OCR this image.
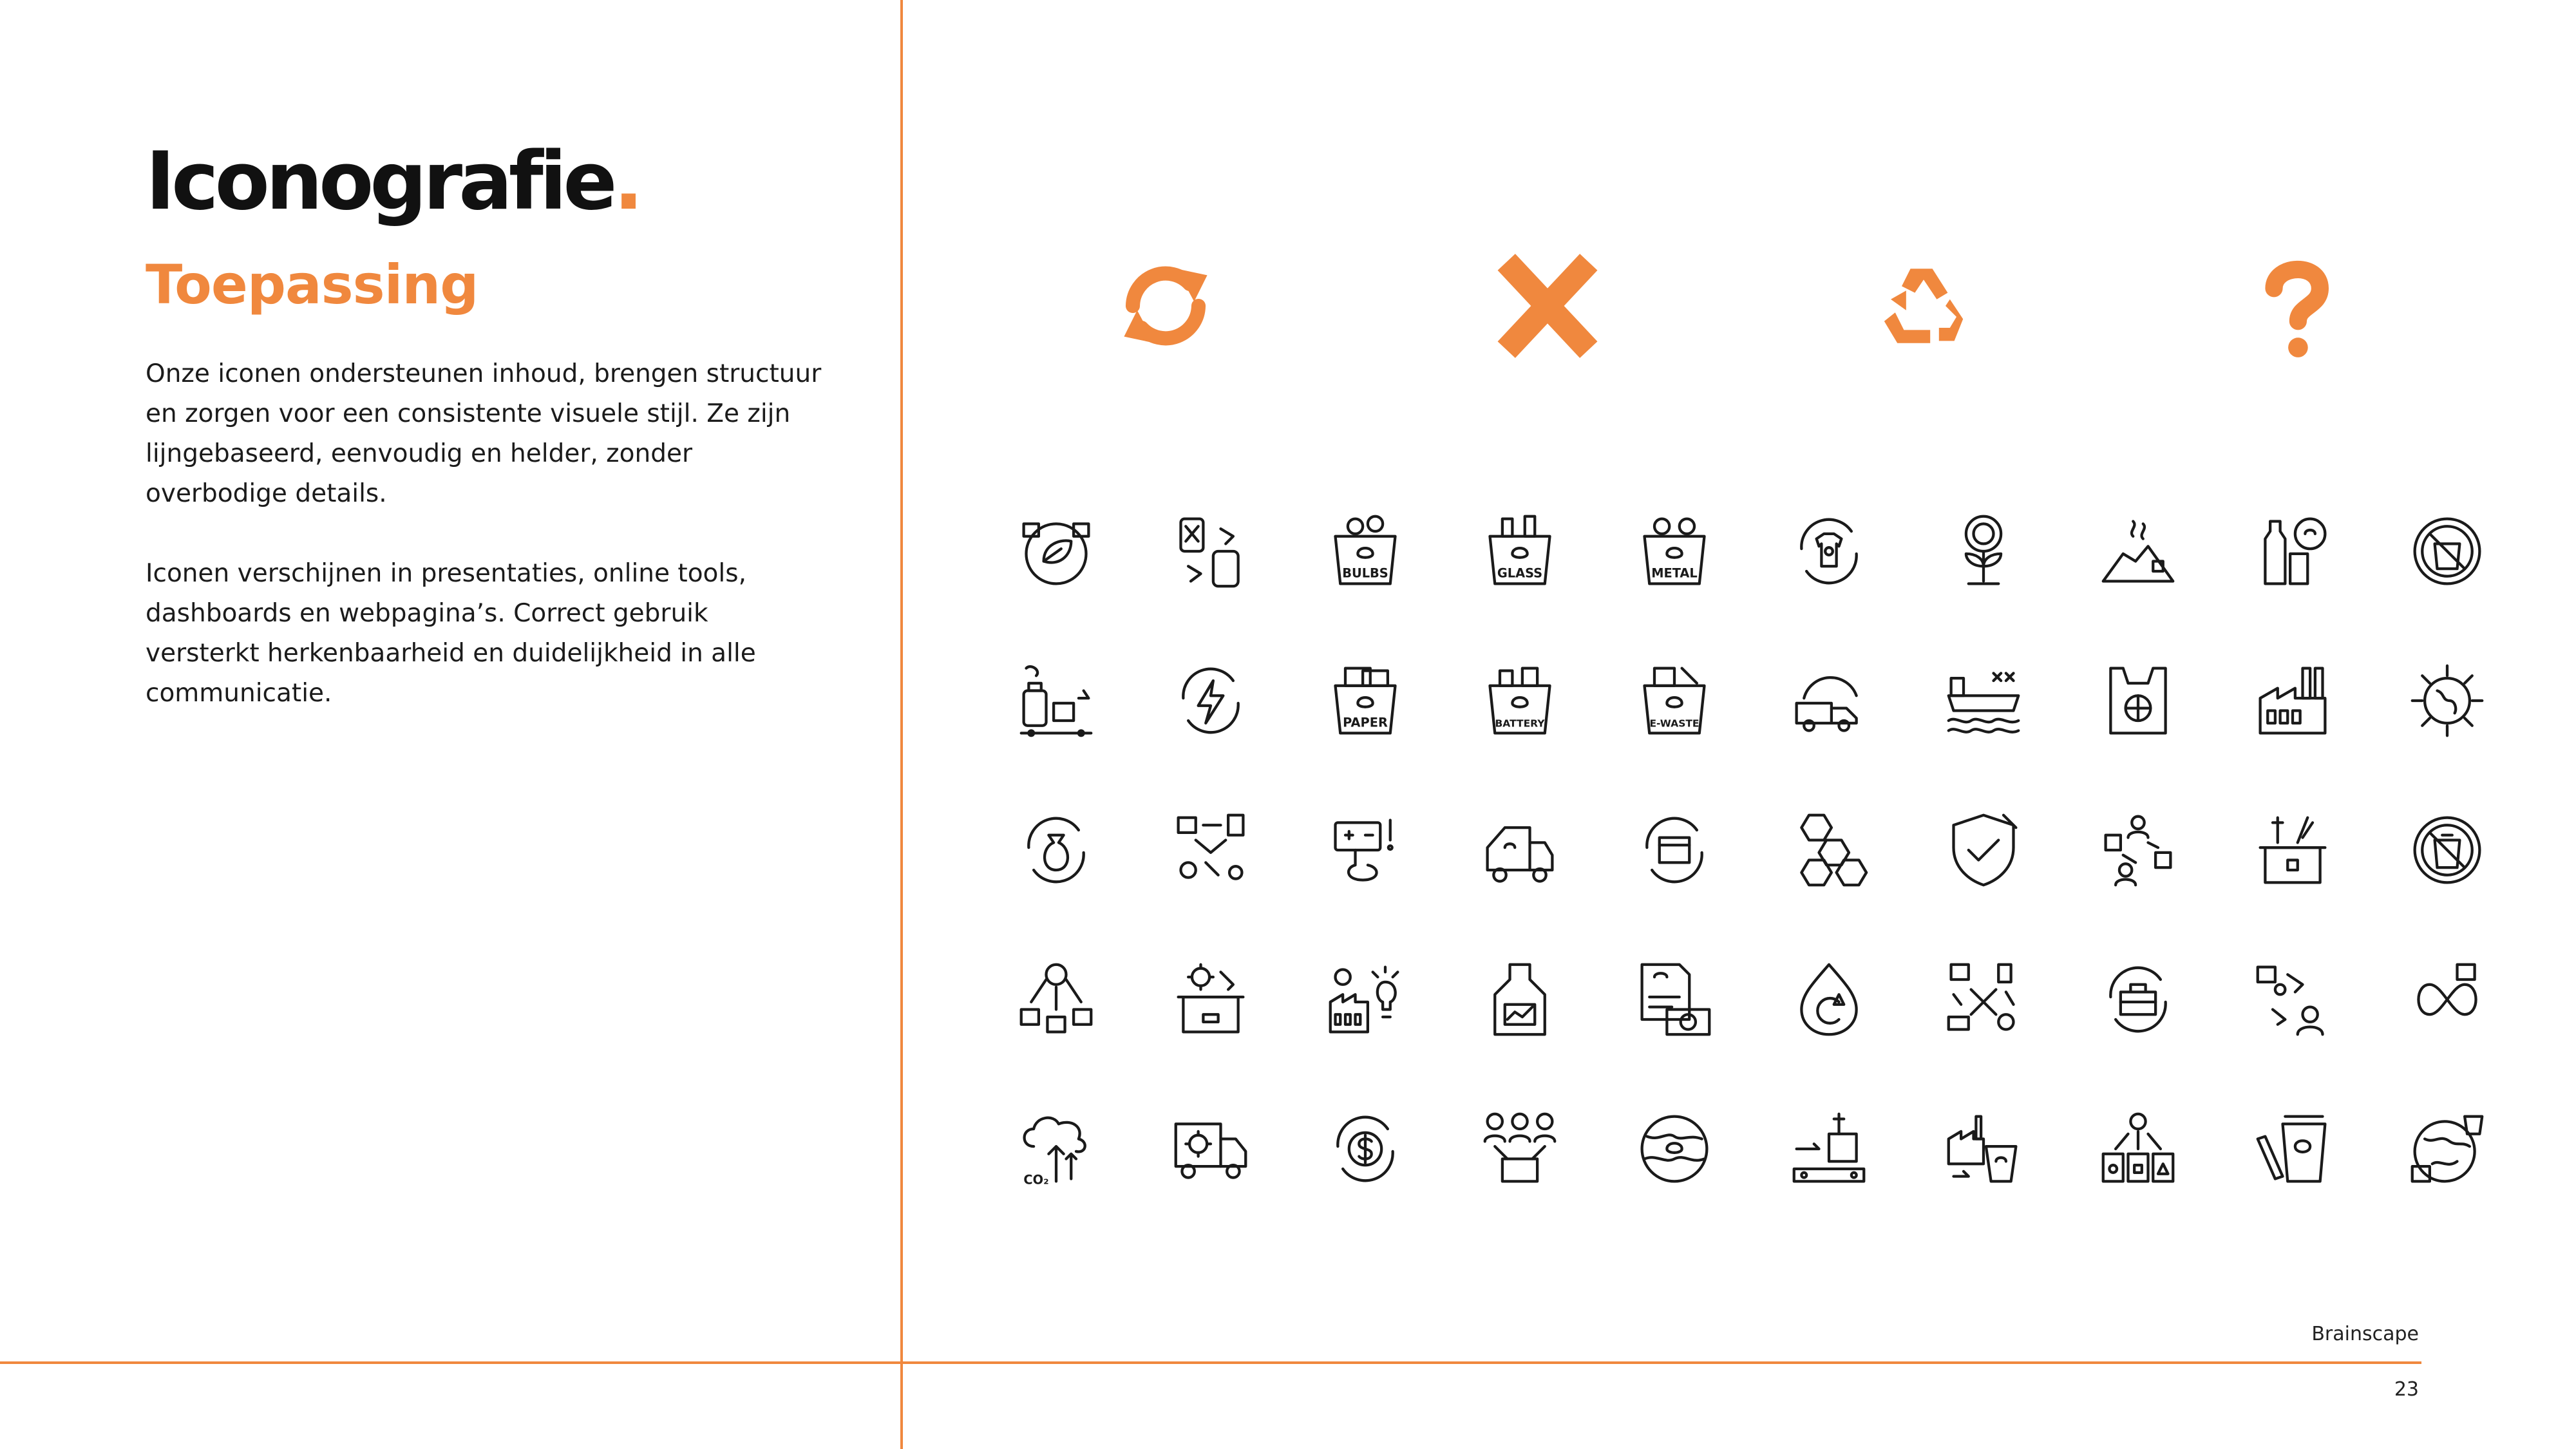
Iconografie.
Toepassing

Onze iconen ondersteunen inhoud, brengen structuur en zorgen voor een consistente visuele stijl. Ze zijn lijngebaseerd, eenvoudig en helder, zonder overbodige details.

Iconen verschijnen in presentaties, online tools, dashboards en webpagina’s. Correct gebruik versterkt herkenbaarheid en duidelijkheid in alle communicatie.

BULBS	GLASS	METAL
PAPER	BATTERY	E-WASTE
CO₂

Brainscape

23
